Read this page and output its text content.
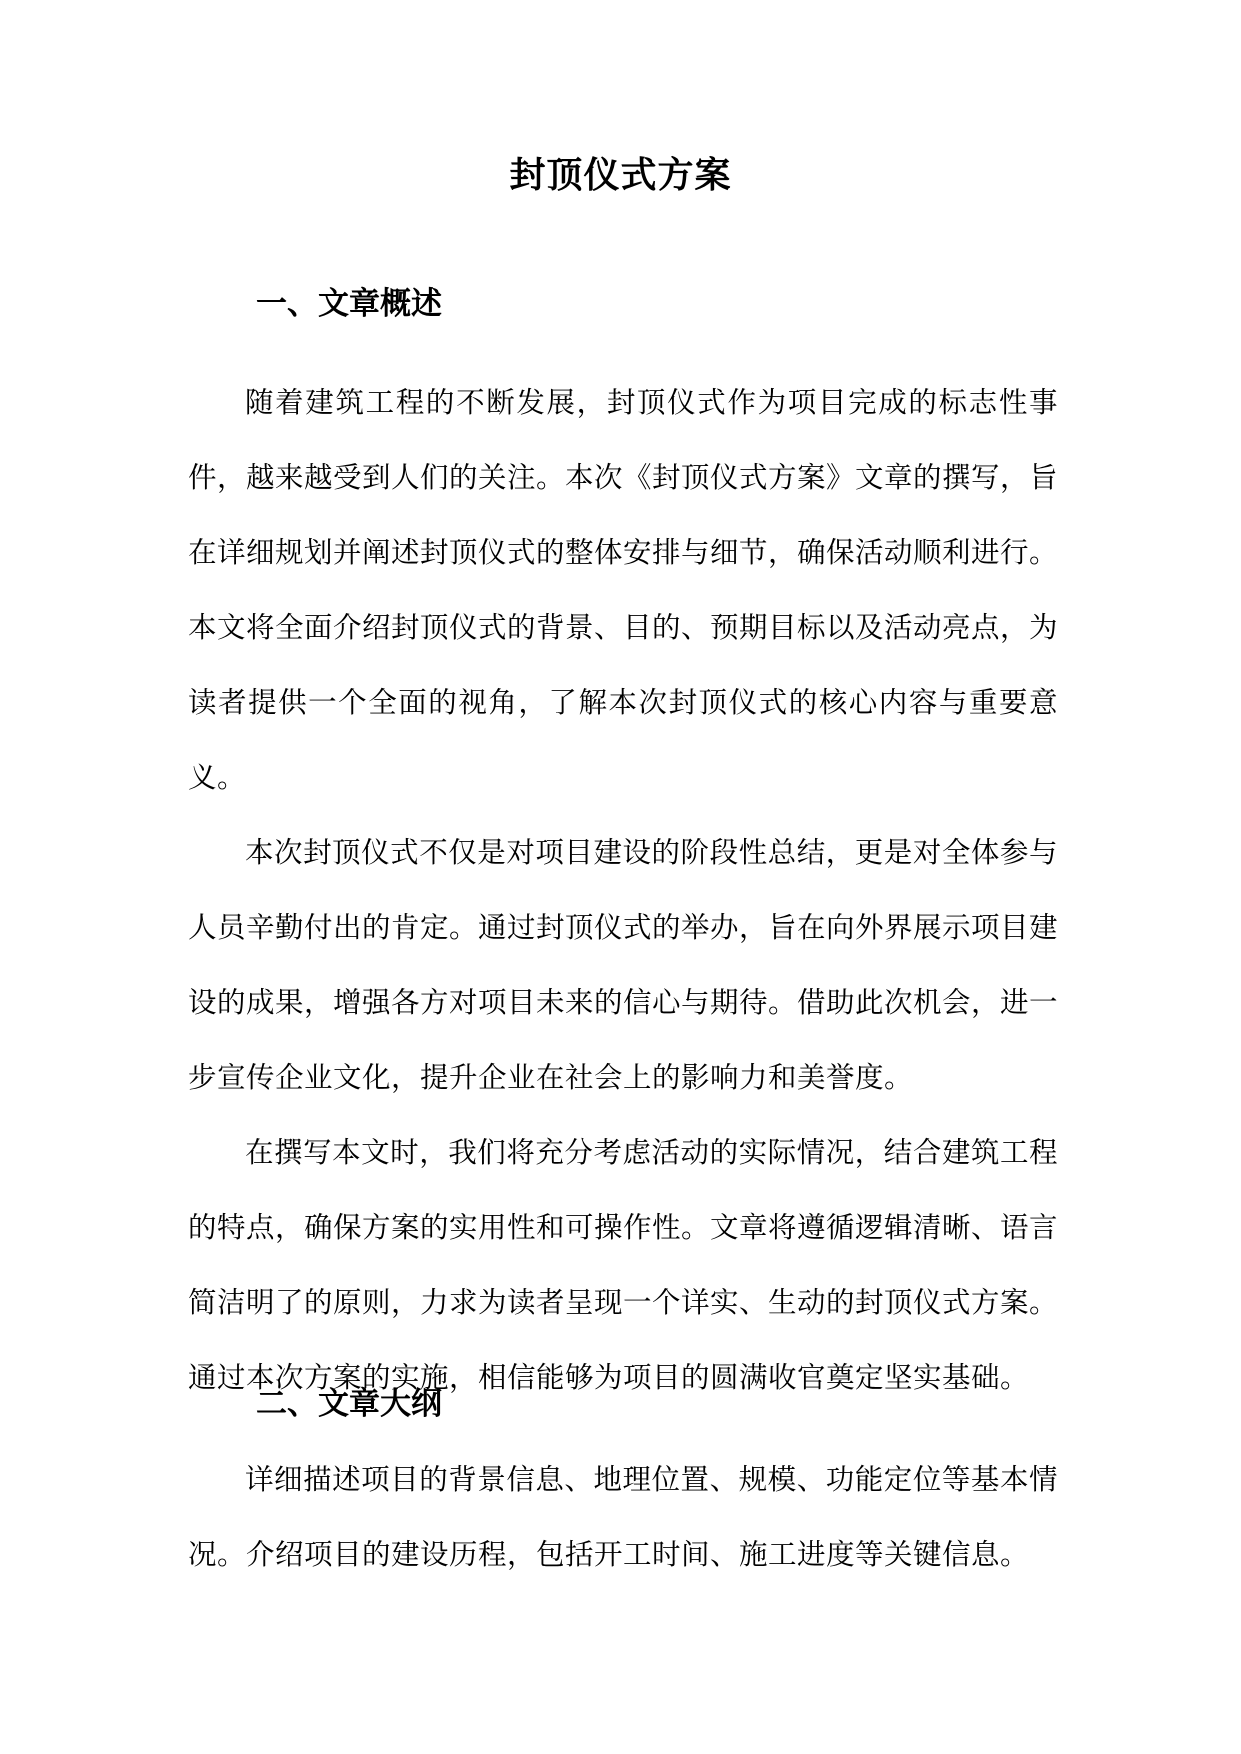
封顶仪式方案
一、文章概述

随着建筑工程的不断发展，封顶仪式作为项目完成的标志性事件，越来越受到人们的关注。本次《封顶仪式方案》文章的撰写，旨在详细规划并阐述封顶仪式的整体安排与细节，确保活动顺利进行。本文将全面介绍封顶仪式的背景、目的、预期目标以及活动亮点，为读者提供一个全面的视角，了解本次封顶仪式的核心内容与重要意义。

本次封顶仪式不仅是对项目建设的阶段性总结，更是对全体参与人员辛勤付出的肯定。通过封顶仪式的举办，旨在向外界展示项目建设的成果，增强各方对项目未来的信心与期待。借助此次机会，进一步宣传企业文化，提升企业在社会上的影响力和美誉度。

在撰写本文时，我们将充分考虑活动的实际情况，结合建筑工程的特点，确保方案的实用性和可操作性。文章将遵循逻辑清晰、语言简洁明了的原则，力求为读者呈现一个详实、生动的封顶仪式方案。通过本次方案的实施，相信能够为项目的圆满收官奠定坚实基础。

二、文章大纲

详细描述项目的背景信息、地理位置、规模、功能定位等基本情况。介绍项目的建设历程，包括开工时间、施工进度等关键信息。
